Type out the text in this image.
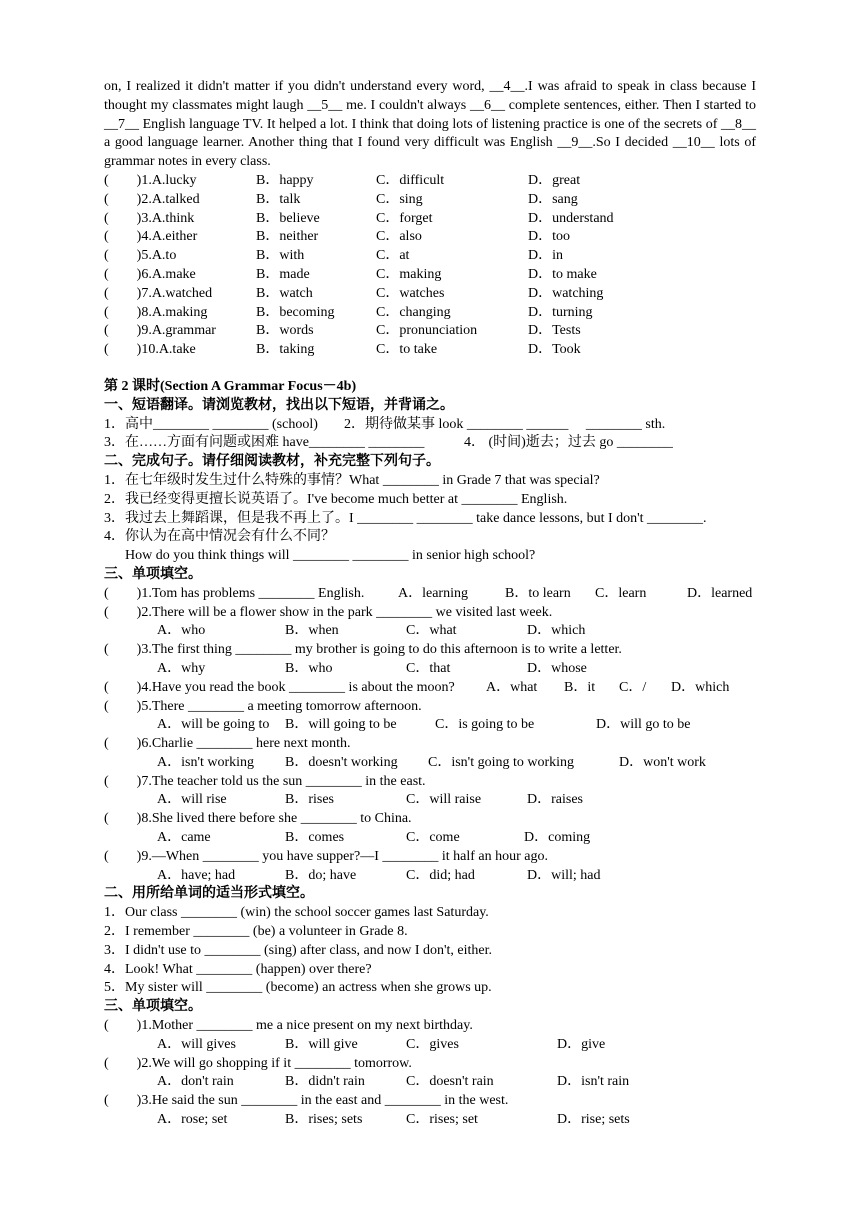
on, I realized it didn't matter if you didn't understand every word, __4__.I was afraid to speak in class because I thought my classmates might laugh __5__ me. I couldn't always __6__ complete sentences, either. Then I started to __7__ English language TV. It helped a lot. I think that doing lots of listening practice is one of the secrets of __8__ a good language learner. Another thing that I found very difficult was English __9__.So I decided __10__ lots of grammar notes in every class.

(        )1.A.lucky	B．happy	C．difficult	D．great
(        )2.A.talked	B．talk	C．sing	D．sang
(        )3.A.think	B．believe	C．forget	D．understand
(        )4.A.either	B．neither	C．also	D．too
(        )5.A.to	B．with	C．at	D．in
(        )6.A.make	B．made	C．making	D．to make
(        )7.A.watched	B．watch	C．watches	D．watching
(        )8.A.making	B．becoming	C．changing	D．turning
(        )9.A.grammar	B．words	C．pronunciation	D．Tests
(        )10.A.take	B．taking	C．to take	D．Took
第 2 课时(Section A Grammar Focus－4b)
一、短语翻译。请浏览教材，找出以下短语，并背诵之。
1．高中________ ________ (school) 2．期待做某事 look ________ ______     ________ sth.
3．在……方面有问题或困难 have________ ________	4． (时间)逝去；过去 go ________
二、完成句子。请仔细阅读教材，补充完整下列句子。
1．在七年级时发生过什么特殊的事情？What ________ in Grade 7 that was special?
2．我已经变得更擅长说英语了。I've become much better at ________ English.
3．我过去上舞蹈课，但是我不再上了。I ________ ________ take dance lessons, but I don't ________.
4．你认为在高中情况会有什么不同？
How do you think things will ________ ________ in senior high school?
三、单项填空。
(        )1.Tom has problems ________ English. A．learning	B．to learn C．learn	D．learned
(        )2.There will be a flower show in the park ________ we visited last week.
A．who	B．when	C．what	D．which
(        )3.The first thing ________ my brother is going to do this afternoon is to write a letter.
A．why	B．who	C．that	D．whose
(        )4.Have you read the book ________ is about the moon? A．what B．it C．/ D．which
(        )5.There ________ a meeting tomorrow afternoon.
A．will be going to B．will going to be	C．is going to be	D．will go to be
(        )6.Charlie ________ here next month.
A．isn't working B．doesn't working C．isn't going to working	D．won't work
(        )7.The teacher told us the sun ________ in the east.
A．will rise	B．rises	C．will raise	D．raises
(        )8.She lived there before she ________ to China.
A．came	B．comes	C．come	D．coming
(        )9.—When ________ you have supper?—I ________ it half an hour ago.
A．have; had	B．do; have	C．did; had	D．will; had
二、用所给单词的适当形式填空。
1．Our class ________ (win) the school soccer games last Saturday.
2．I remember ________ (be) a volunteer in Grade 8.
3．I didn't use to ________ (sing) after class, and now I don't, either.
4．Look! What ________ (happen) over there?
5．My sister will ________ (become) an actress when she grows up.
三、单项填空。
(        )1.Mother ________ me a nice present on my next birthday.
A．will gives	B．will give	C．gives	D．give
(        )2.We will go shopping if it ________ tomorrow.
A．don't rain	B．didn't rain	C．doesn't rain	D．isn't rain
(        )3.He said the sun ________ in the east and ________ in the west.
A．rose; set	B．rises; sets	C．rises; set	D．rise; sets
